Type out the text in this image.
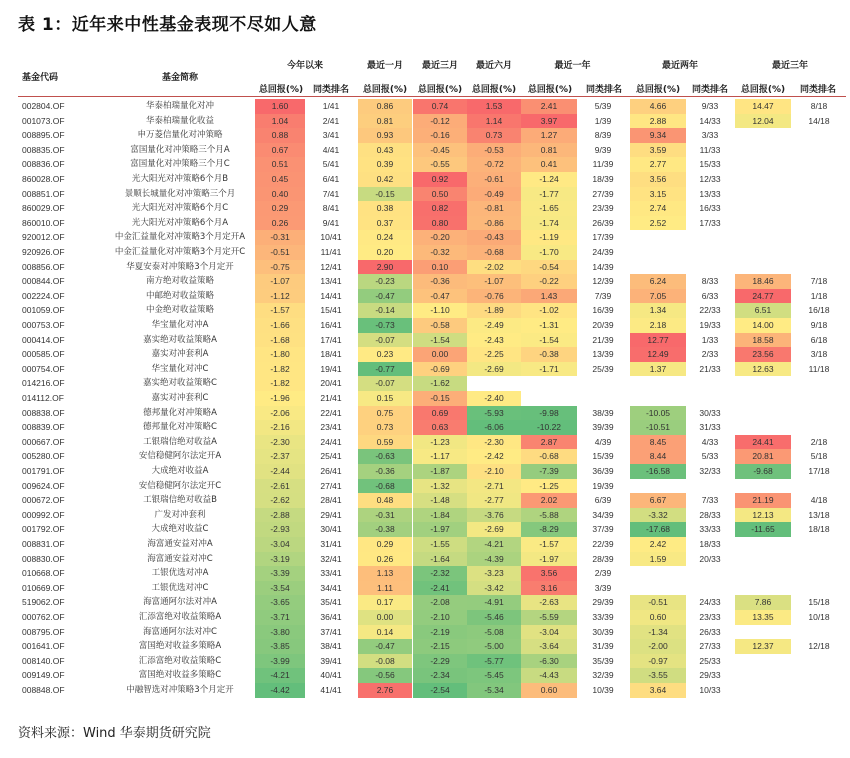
表 1：近年来中性基金表现不尽如人意
基金代码	基金简称
今年以来	最近一月	最近三月	最近六月	最近一年	最近两年	最近三年
总回报(%)	同类排名	总回报(%)	总回报(%)	总回报(%)	总回报(%)	同类排名	总回报(%)	同类排名	总回报(%)	同类排名
002804.OF	华泰柏瑞量化对冲	1.60	1/41	0.86	0.74	1.53	2.41	5/39	4.66	9/33	14.47	8/18
001073.OF	华泰柏瑞量化收益	1.04	2/41	0.81	-0.12	1.14	3.97	1/39	2.88	14/33	12.04	14/18
008895.OF	申万菱信量化对冲策略	0.88	3/41	0.93	-0.16	0.73	1.27	8/39	9.34	3/33
008835.OF	富国量化对冲策略三个月A	0.67	4/41	0.43	-0.45	-0.53	0.81	9/39	3.59	11/33
008836.OF	富国量化对冲策略三个月C	0.51	5/41	0.39	-0.55	-0.72	0.41	11/39	2.77	15/33
860028.OF	光大阳光对冲策略6个月B	0.45	6/41	0.42	0.92	-0.61	-1.24	18/39	3.56	12/33
008851.OF	景顺长城量化对冲策略三个月	0.40	7/41	-0.15	0.50	-0.49	-1.77	27/39	3.15	13/33
860029.OF	光大阳光对冲策略6个月C	0.29	8/41	0.38	0.82	-0.81	-1.65	23/39	2.74	16/33
860010.OF	光大阳光对冲策略6个月A	0.26	9/41	0.37	0.80	-0.86	-1.74	26/39	2.52	17/33
920012.OF	中金汇益量化对冲策略3个月定开A	-0.31	10/41	0.24	-0.20	-0.43	-1.19	17/39
920926.OF	中金汇益量化对冲策略3个月定开C	-0.51	11/41	0.20	-0.32	-0.68	-1.70	24/39
008856.OF	华夏安泰对冲策略3个月定开	-0.75	12/41	2.90	0.10	-2.02	-0.54	14/39
000844.OF	南方绝对收益策略	-1.07	13/41	-0.23	-0.36	-1.07	-0.22	12/39	6.24	8/33	18.46	7/18
002224.OF	中邮绝对收益策略	-1.12	14/41	-0.47	-0.47	-0.76	1.43	7/39	7.05	6/33	24.77	1/18
001059.OF	中金绝对收益策略	-1.57	15/41	-0.14	-1.10	-1.89	-1.02	16/39	1.34	22/33	6.51	16/18
000753.OF	华宝量化对冲A	-1.66	16/41	-0.73	-0.58	-2.49	-1.31	20/39	2.18	19/33	14.00	9/18
000414.OF	嘉实绝对收益策略A	-1.68	17/41	-0.07	-1.54	-2.43	-1.54	21/39	12.77	1/33	18.58	6/18
000585.OF	嘉实对冲套利A	-1.80	18/41	0.23	0.00	-2.25	-0.38	13/39	12.49	2/33	23.56	3/18
000754.OF	华宝量化对冲C	-1.82	19/41	-0.77	-0.69	-2.69	-1.71	25/39	1.37	21/33	12.63	11/18
014216.OF	嘉实绝对收益策略C	-1.82	20/41	-0.07	-1.62
014112.OF	嘉实对冲套利C	-1.96	21/41	0.15	-0.15	-2.40
008838.OF	德邦量化对冲策略A	-2.06	22/41	0.75	0.69	-5.93	-9.98	38/39	-10.05	30/33
008839.OF	德邦量化对冲策略C	-2.16	23/41	0.73	0.63	-6.06	-10.22	39/39	-10.51	31/33
000667.OF	工银瑞信绝对收益A	-2.30	24/41	0.59	-1.23	-2.30	2.87	4/39	8.45	4/33	24.41	2/18
005280.OF	安信稳健阿尔法定开A	-2.37	25/41	-0.63	-1.17	-2.42	-0.68	15/39	8.44	5/33	20.81	5/18
001791.OF	大成绝对收益A	-2.44	26/41	-0.36	-1.87	-2.10	-7.39	36/39	-16.58	32/33	-9.68	17/18
009624.OF	安信稳健阿尔法定开C	-2.61	27/41	-0.68	-1.32	-2.71	-1.25	19/39
000672.OF	工银瑞信绝对收益B	-2.62	28/41	0.48	-1.48	-2.77	2.02	6/39	6.67	7/33	21.19	4/18
000992.OF	广发对冲套利	-2.88	29/41	-0.31	-1.84	-3.76	-5.88	34/39	-3.32	28/33	12.13	13/18
001792.OF	大成绝对收益C	-2.93	30/41	-0.38	-1.97	-2.69	-8.29	37/39	-17.68	33/33	-11.65	18/18
008831.OF	海富通安益对冲A	-3.04	31/41	0.29	-1.55	-4.21	-1.57	22/39	2.42	18/33
008830.OF	海富通安益对冲C	-3.19	32/41	0.26	-1.64	-4.39	-1.97	28/39	1.59	20/33
010668.OF	工银优选对冲A	-3.39	33/41	1.13	-2.32	-3.23	3.56	2/39
010669.OF	工银优选对冲C	-3.54	34/41	1.11	-2.41	-3.42	3.16	3/39
519062.OF	海富通阿尔法对冲A	-3.65	35/41	0.17	-2.08	-4.91	-2.63	29/39	-0.51	24/33	7.86	15/18
000762.OF	汇添富绝对收益策略A	-3.71	36/41	0.00	-2.10	-5.46	-5.59	33/39	0.60	23/33	13.35	10/18
008795.OF	海富通阿尔法对冲C	-3.80	37/41	0.14	-2.19	-5.08	-3.04	30/39	-1.34	26/33
001641.OF	富国绝对收益多策略A	-3.85	38/41	-0.47	-2.15	-5.00	-3.64	31/39	-2.00	27/33	12.37	12/18
008140.OF	汇添富绝对收益策略C	-3.99	39/41	-0.08	-2.29	-5.77	-6.30	35/39	-0.97	25/33
009149.OF	富国绝对收益多策略C	-4.21	40/41	-0.56	-2.34	-5.45	-4.43	32/39	-3.55	29/33
008848.OF	中融智选对冲策略3个月定开	-4.42	41/41	2.76	-2.54	-5.34	0.60	10/39	3.64	10/33
资料来源：Wind 华泰期货研究院
